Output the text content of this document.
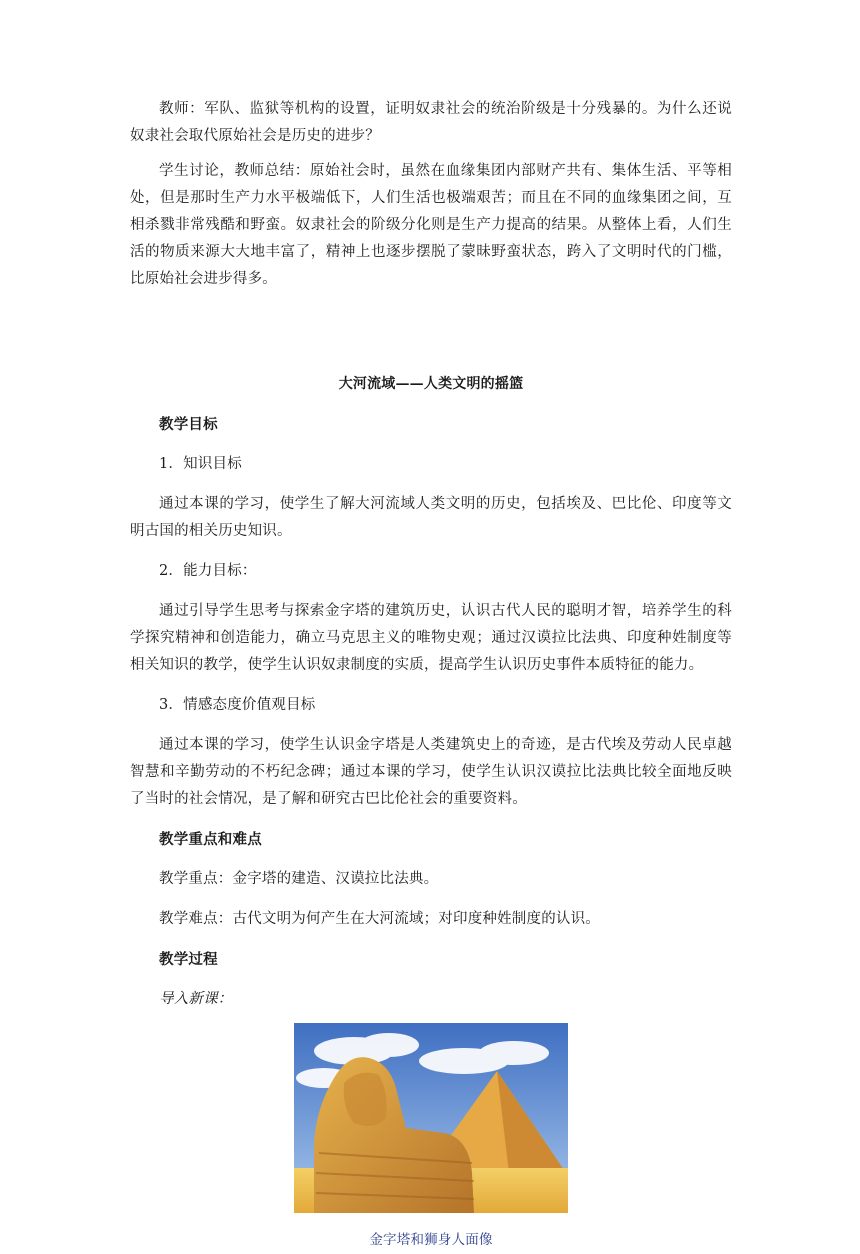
教师：军队、监狱等机构的设置，证明奴隶社会的统治阶级是十分残暴的。为什么还说奴隶社会取代原始社会是历史的进步？

学生讨论，教师总结：原始社会时，虽然在血缘集团内部财产共有、集体生活、平等相处，但是那时生产力水平极端低下，人们生活也极端艰苦；而且在不同的血缘集团之间，互相杀戮非常残酷和野蛮。奴隶社会的阶级分化则是生产力提高的结果。从整体上看，人们生活的物质来源大大地丰富了，精神上也逐步摆脱了蒙昧野蛮状态，跨入了文明时代的门槛，比原始社会进步得多。

大河流域——人类文明的摇篮

教学目标

1．知识目标

通过本课的学习，使学生了解大河流域人类文明的历史，包括埃及、巴比伦、印度等文明古国的相关历史知识。

2．能力目标：

通过引导学生思考与探索金字塔的建筑历史，认识古代人民的聪明才智，培养学生的科学探究精神和创造能力，确立马克思主义的唯物史观；通过汉谟拉比法典、印度种姓制度等相关知识的教学，使学生认识奴隶制度的实质，提高学生认识历史事件本质特征的能力。

3．情感态度价值观目标

通过本课的学习，使学生认识金字塔是人类建筑史上的奇迹，是古代埃及劳动人民卓越智慧和辛勤劳动的不朽纪念碑；通过本课的学习，使学生认识汉谟拉比法典比较全面地反映了当时的社会情况，是了解和研究古巴比伦社会的重要资料。

教学重点和难点

教学重点：金字塔的建造、汉谟拉比法典。

教学难点：古代文明为何产生在大河流域；对印度种姓制度的认识。

教学过程

导入新课：

金字塔和狮身人面像
